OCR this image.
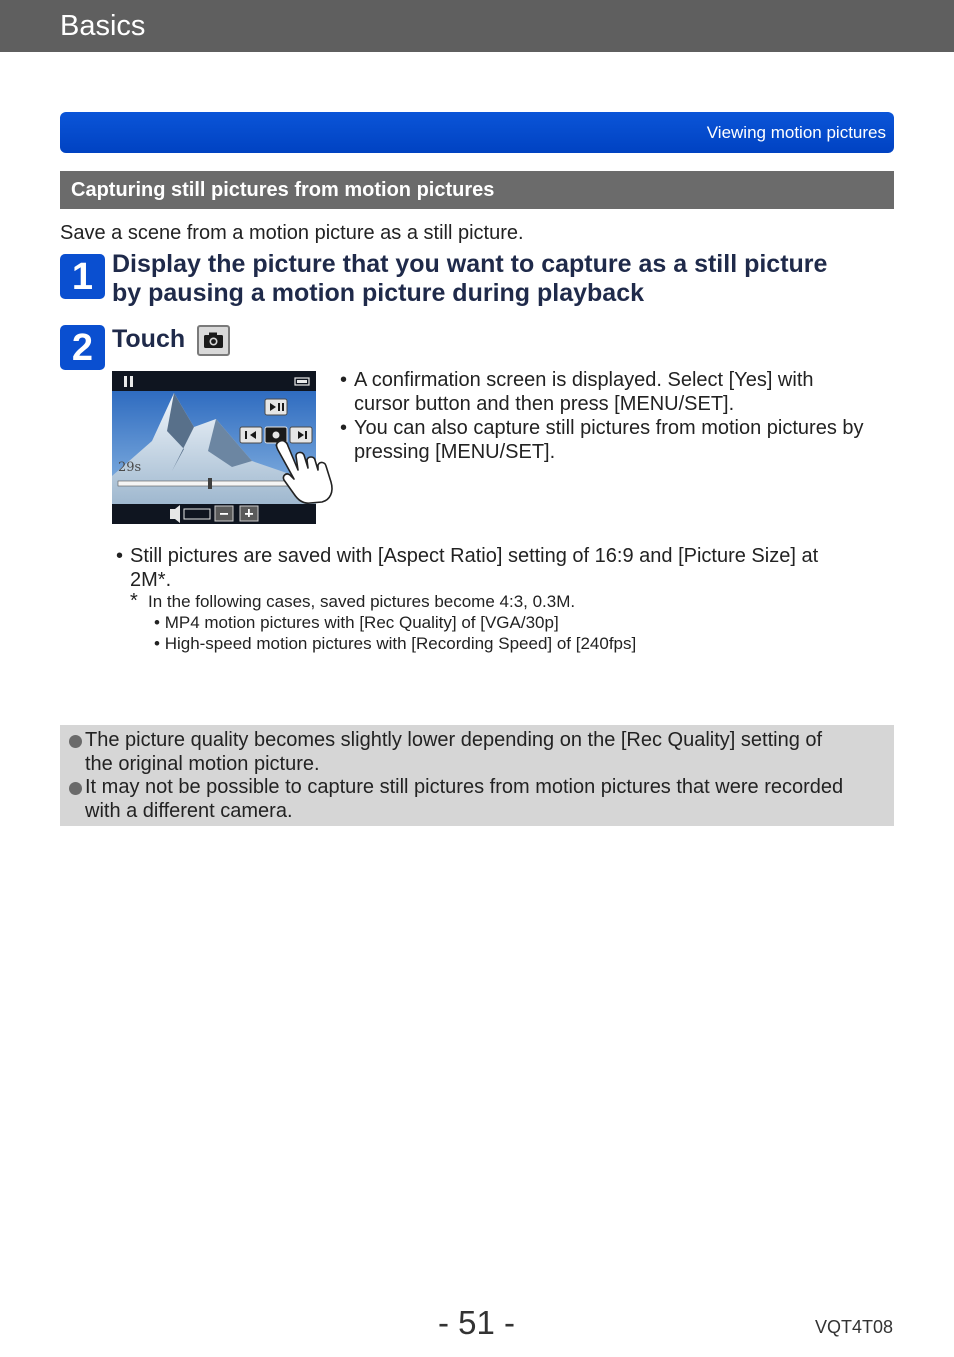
Basics
Viewing motion pictures
Capturing still pictures from motion pictures
Save a scene from a motion picture as a still picture.
1 Display the picture that you want to capture as a still picture
by pausing a motion picture during playback
2 Touch
29s
• A confirmation screen is displayed. Select [Yes] with
cursor button and then press [MENU/SET].
• You can also capture still pictures from motion pictures by
pressing [MENU/SET].
• Still pictures are saved with [Aspect Ratio] setting of 16:9 and [Picture Size] at
2M*.
* In the following cases, saved pictures become 4:3, 0.3M.
• MP4 motion pictures with [Rec Quality] of [VGA/30p]
• High-speed motion pictures with [Recording Speed] of [240fps]
The picture quality becomes slightly lower depending on the [Rec Quality] setting of
the original motion picture.
It may not be possible to capture still pictures from motion pictures that were recorded
with a different camera.
- 51 -	VQT4T08
